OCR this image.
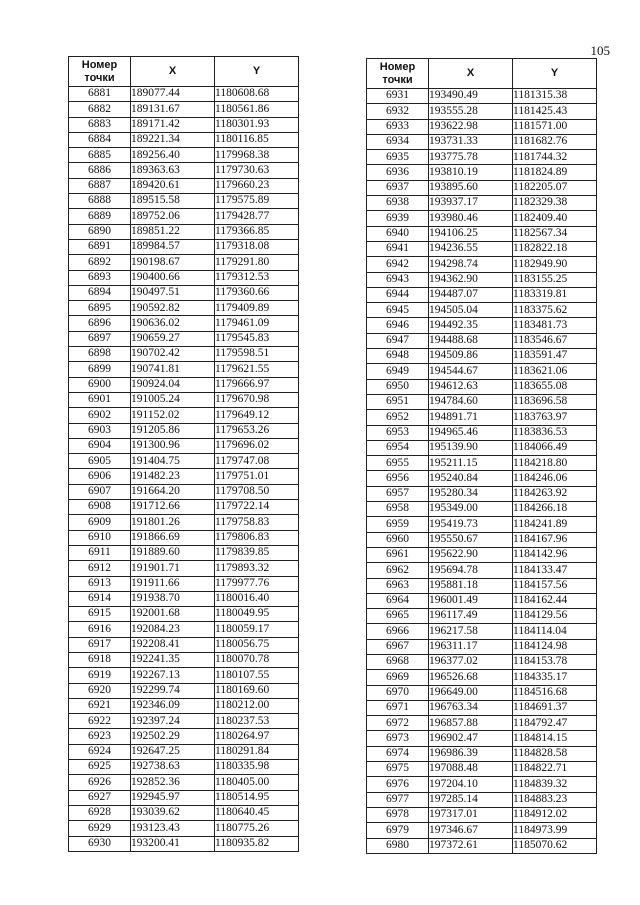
105
Номер точки	X	Y
6881	189077.44	1180608.68
6882	189131.67	1180561.86
6883	189171.42	1180301.93
6884	189221.34	1180116.85
6885	189256.40	1179968.38
6886	189363.63	1179730.63
6887	189420.61	1179660.23
6888	189515.58	1179575.89
6889	189752.06	1179428.77
6890	189851.22	1179366.85
6891	189984.57	1179318.08
6892	190198.67	1179291.80
6893	190400.66	1179312.53
6894	190497.51	1179360.66
6895	190592.82	1179409.89
6896	190636.02	1179461.09
6897	190659.27	1179545.83
6898	190702.42	1179598.51
6899	190741.81	1179621.55
6900	190924.04	1179666.97
6901	191005.24	1179670.98
6902	191152.02	1179649.12
6903	191205.86	1179653.26
6904	191300.96	1179696.02
6905	191404.75	1179747.08
6906	191482.23	1179751.01
6907	191664.20	1179708.50
6908	191712.66	1179722.14
6909	191801.26	1179758.83
6910	191866.69	1179806.83
6911	191889.60	1179839.85
6912	191901.71	1179893.32
6913	191911.66	1179977.76
6914	191938.70	1180016.40
6915	192001.68	1180049.95
6916	192084.23	1180059.17
6917	192208.41	1180056.75
6918	192241.35	1180070.78
6919	192267.13	1180107.55
6920	192299.74	1180169.60
6921	192346.09	1180212.00
6922	192397.24	1180237.53
6923	192502.29	1180264.97
6924	192647.25	1180291.84
6925	192738.63	1180335.98
6926	192852.36	1180405.00
6927	192945.97	1180514.95
6928	193039.62	1180640.45
6929	193123.43	1180775.26
6930	193200.41	1180935.82
Номер точки	X	Y
6931	193490.49	1181315.38
6932	193555.28	1181425.43
6933	193622.98	1181571.00
6934	193731.33	1181682.76
6935	193775.78	1181744.32
6936	193810.19	1181824.89
6937	193895.60	1182205.07
6938	193937.17	1182329.38
6939	193980.46	1182409.40
6940	194106.25	1182567.34
6941	194236.55	1182822.18
6942	194298.74	1182949.90
6943	194362.90	1183155.25
6944	194487.07	1183319.81
6945	194505.04	1183375.62
6946	194492.35	1183481.73
6947	194488.68	1183546.67
6948	194509.86	1183591.47
6949	194544.67	1183621.06
6950	194612.63	1183655.08
6951	194784.60	1183696.58
6952	194891.71	1183763.97
6953	194965.46	1183836.53
6954	195139.90	1184066.49
6955	195211.15	1184218.80
6956	195240.84	1184246.06
6957	195280.34	1184263.92
6958	195349.00	1184266.18
6959	195419.73	1184241.89
6960	195550.67	1184167.96
6961	195622.90	1184142.96
6962	195694.78	1184133.47
6963	195881.18	1184157.56
6964	196001.49	1184162.44
6965	196117.49	1184129.56
6966	196217.58	1184114.04
6967	196311.17	1184124.98
6968	196377.02	1184153.78
6969	196526.68	1184335.17
6970	196649.00	1184516.68
6971	196763.34	1184691.37
6972	196857.88	1184792.47
6973	196902.47	1184814.15
6974	196986.39	1184828.58
6975	197088.48	1184822.71
6976	197204.10	1184839.32
6977	197285.14	1184883.23
6978	197317.01	1184912.02
6979	197346.67	1184973.99
6980	197372.61	1185070.62
